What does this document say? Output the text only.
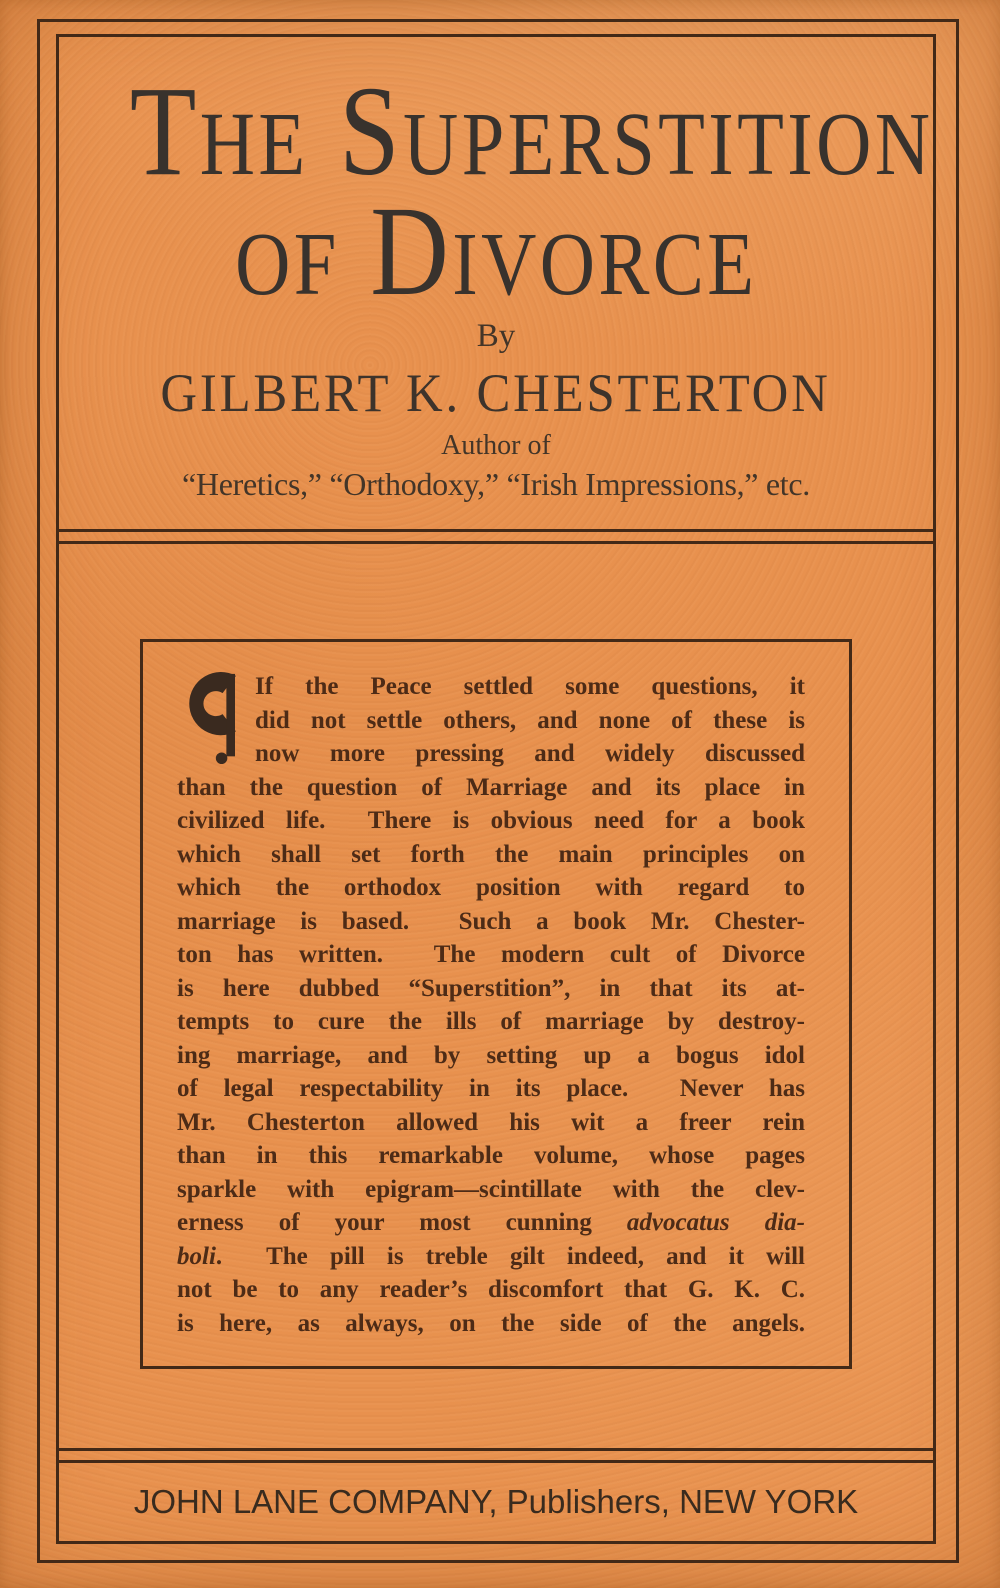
The Superstition
of Divorce
By
GILBERT K. CHESTERTON
Author of
“Heretics,” “Orthodoxy,” “Irish Impressions,” etc.
If the Peace settled some questions, it
did not settle others, and none of these is
now more pressing and widely discussed
than the question of Marriage and its place in
civilized life.  There is obvious need for a book
which shall set forth the main principles on
which the orthodox position with regard to
marriage is based.  Such a book Mr. Chester-
ton has written.  The modern cult of Divorce
is here dubbed “Superstition”, in that its at-
tempts to cure the ills of marriage by destroy-
ing marriage, and by setting up a bogus idol
of legal respectability in its place.  Never has
Mr. Chesterton allowed his wit a freer rein
than in this remarkable volume, whose pages
sparkle with epigram—scintillate with the clev-
erness of your most cunning advocatus dia-
boli.  The pill is treble gilt indeed, and it will
not be to any reader’s discomfort that G. K. C.
is here, as always, on the side of the angels.
JOHN LANE COMPANY, Publishers, NEW YORK
